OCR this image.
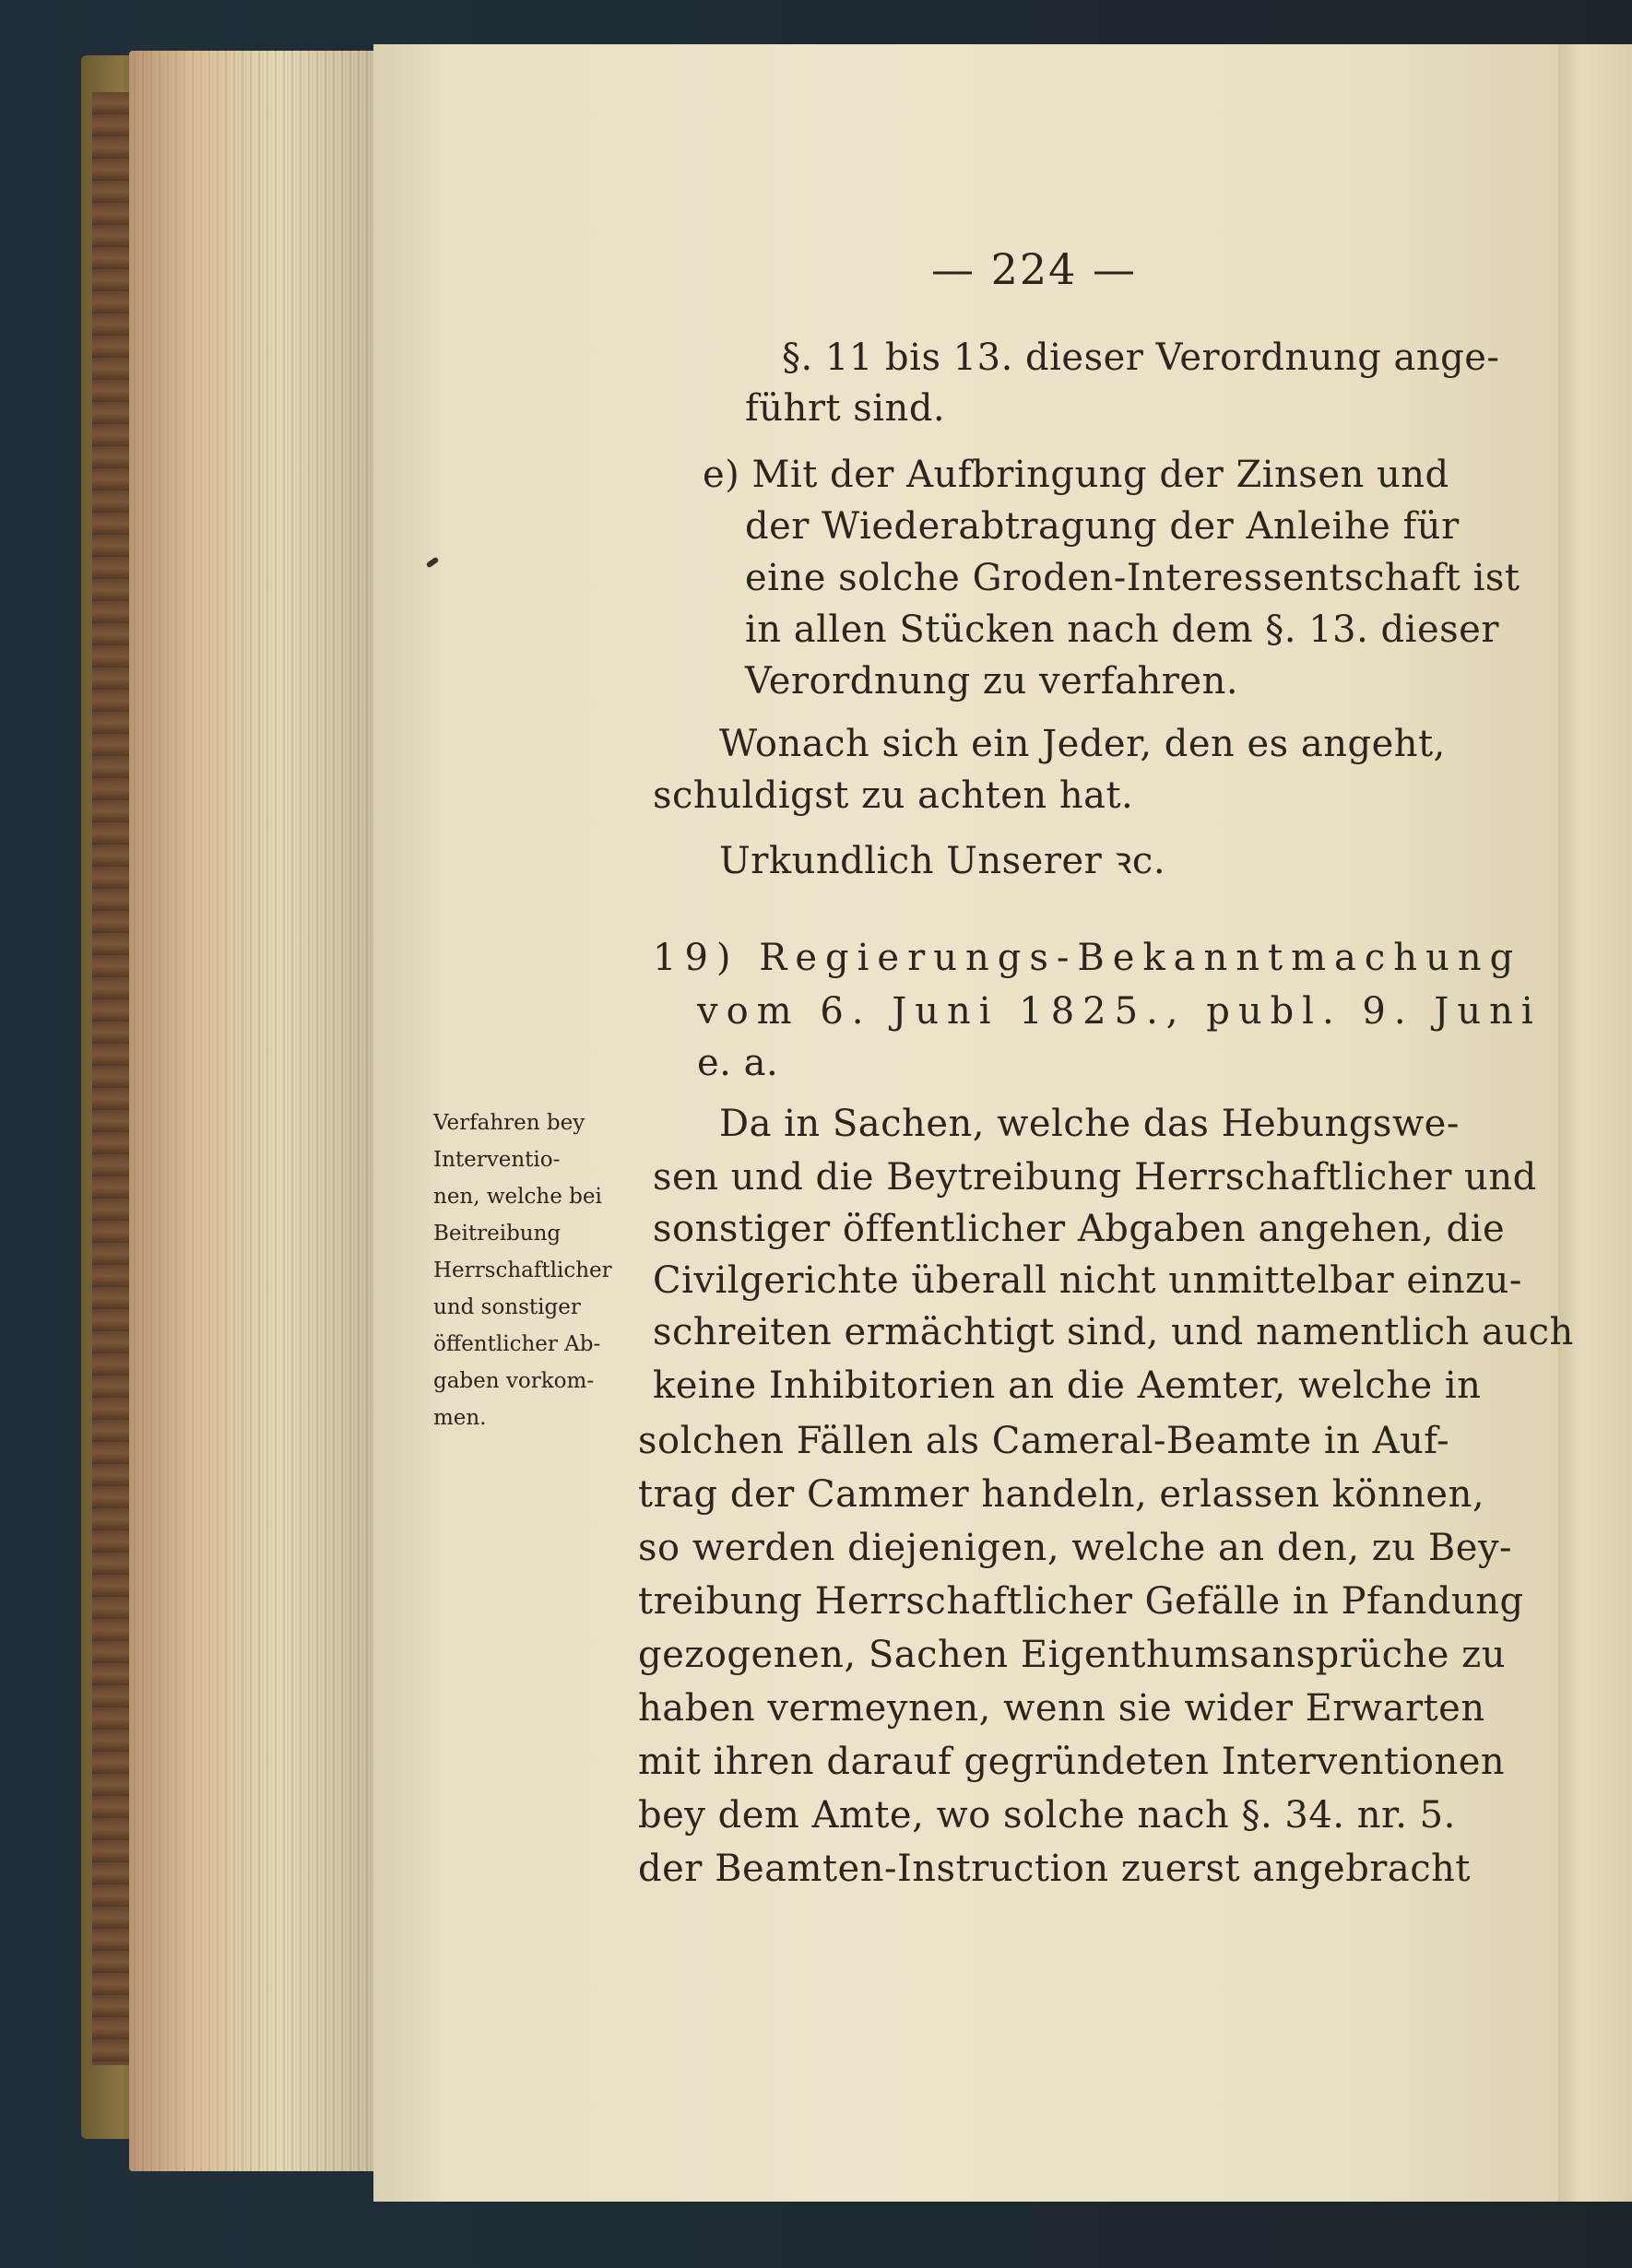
— 224 —
§. 11 bis 13. dieser Verordnung ange-
führt sind.
e) Mit der Aufbringung der Zinsen und
der Wiederabtragung der Anleihe für
eine solche Groden-Interessentschaft ist
in allen Stücken nach dem §. 13. dieser
Verordnung zu verfahren.
Wonach sich ein Jeder, den es angeht,
schuldigst zu achten hat.
Urkundlich Unserer ꝛc.
19) Regierungs-Bekanntmachung
vom 6. Juni 1825., publ. 9. Juni
e. a.
Da in Sachen, welche das Hebungswe-
sen und die Beytreibung Herrschaftlicher und
sonstiger öffentlicher Abgaben angehen, die
Civilgerichte überall nicht unmittelbar einzu-
schreiten ermächtigt sind, und namentlich auch
keine Inhibitorien an die Aemter, welche in
solchen Fällen als Cameral-Beamte in Auf-
trag der Cammer handeln, erlassen können,
so werden diejenigen, welche an den, zu Bey-
treibung Herrschaftlicher Gefälle in Pfandung
gezogenen, Sachen Eigenthumsansprüche zu
haben vermeynen, wenn sie wider Erwarten
mit ihren darauf gegründeten Interventionen
bey dem Amte, wo solche nach §. 34. nr. 5.
der Beamten-Instruction zuerst angebracht
Verfahren bey
Interventio-
nen, welche bei
Beitreibung
Herrschaftlicher
und sonstiger
öffentlicher Ab-
gaben vorkom-
men.
